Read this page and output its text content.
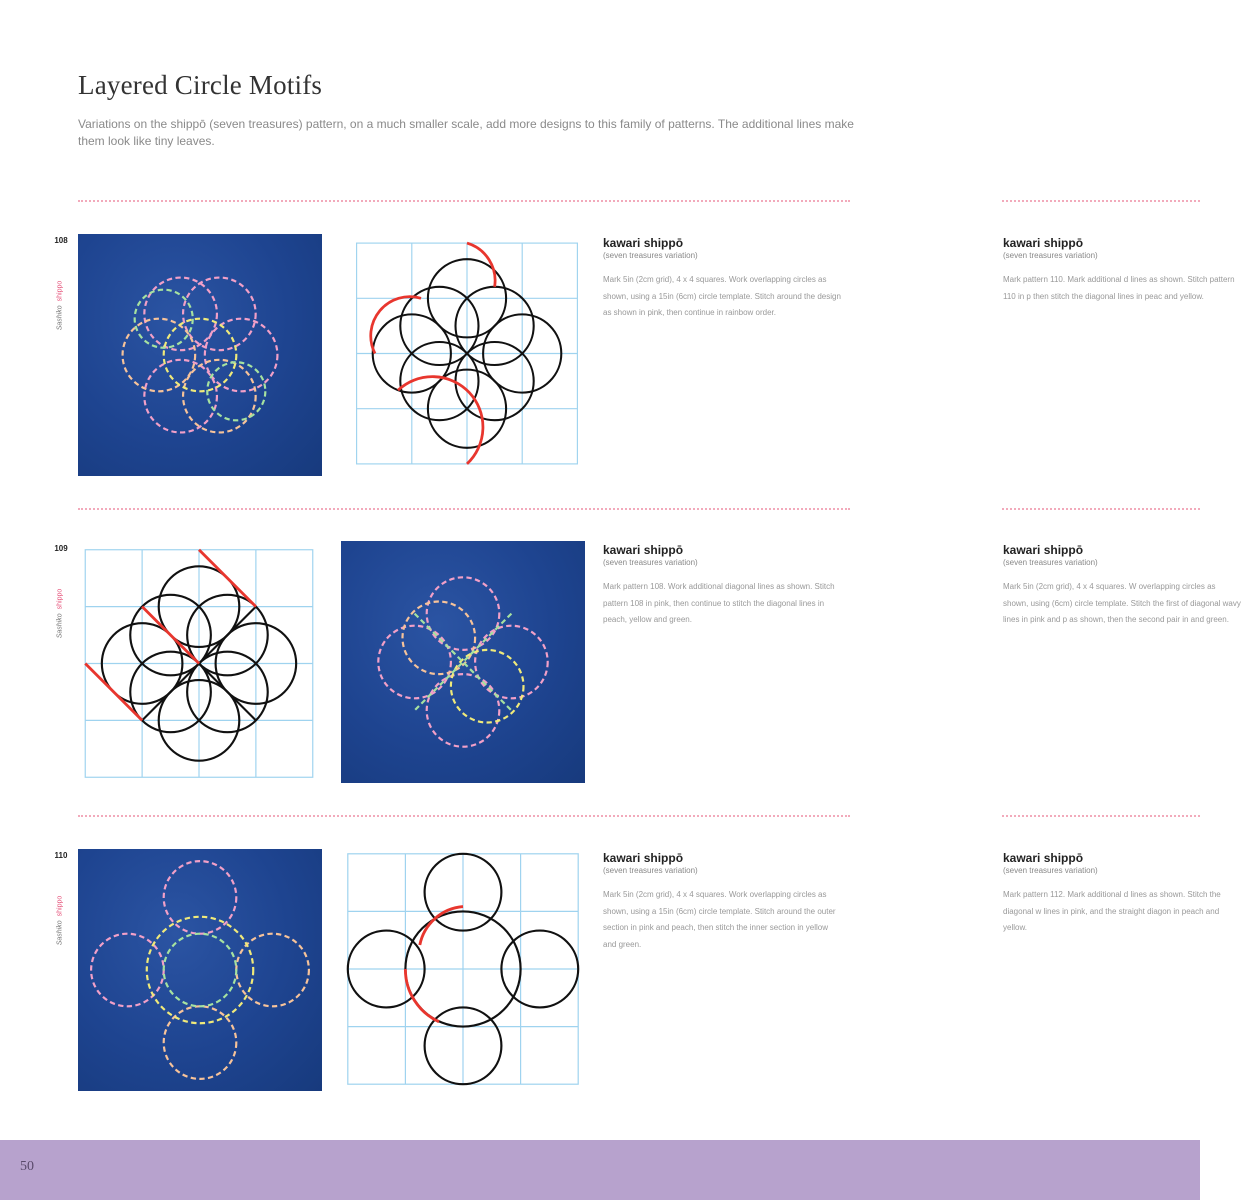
Layered Circle Motifs

Variations on the shippō (seven treasures) pattern, on a much smaller scale, add more designs to this family of patterns. The additional lines make them look like tiny leaves.

108
Sashikoshippo

kawari shippō

(seven treasures variation)

Mark 5in (2cm grid), 4 x 4 squares. Work overlapping circles as shown, using a 15in (6cm) circle template. Stitch around the design as shown in pink, then continue in rainbow order.

109
Sashikoshippo

kawari shippō

(seven treasures variation)

Mark pattern 108. Work additional diagonal lines as shown. Stitch pattern 108 in pink, then continue to stitch the diagonal lines in peach, yellow and green.

110
Sashikoshippo

kawari shippō

(seven treasures variation)

Mark 5in (2cm grid), 4 x 4 squares. Work overlapping circles as shown, using a 15in (6cm) circle template. Stitch around the outer section in pink and peach, then stitch the inner section in yellow and green.

kawari shippō

(seven treasures variation)

Mark pattern 110. Mark additional d lines as shown. Stitch pattern 110 in p then stitch the diagonal lines in peac and yellow.

kawari shippō

(seven treasures variation)

Mark 5in (2cm grid), 4 x 4 squares. W overlapping circles as shown, using (6cm) circle template. Stitch the first of diagonal wavy lines in pink and p as shown, then the second pair in and green.

kawari shippō

(seven treasures variation)

Mark pattern 112. Mark additional d lines as shown. Stitch the diagonal w lines in pink, and the straight diagon in peach and yellow.

50
